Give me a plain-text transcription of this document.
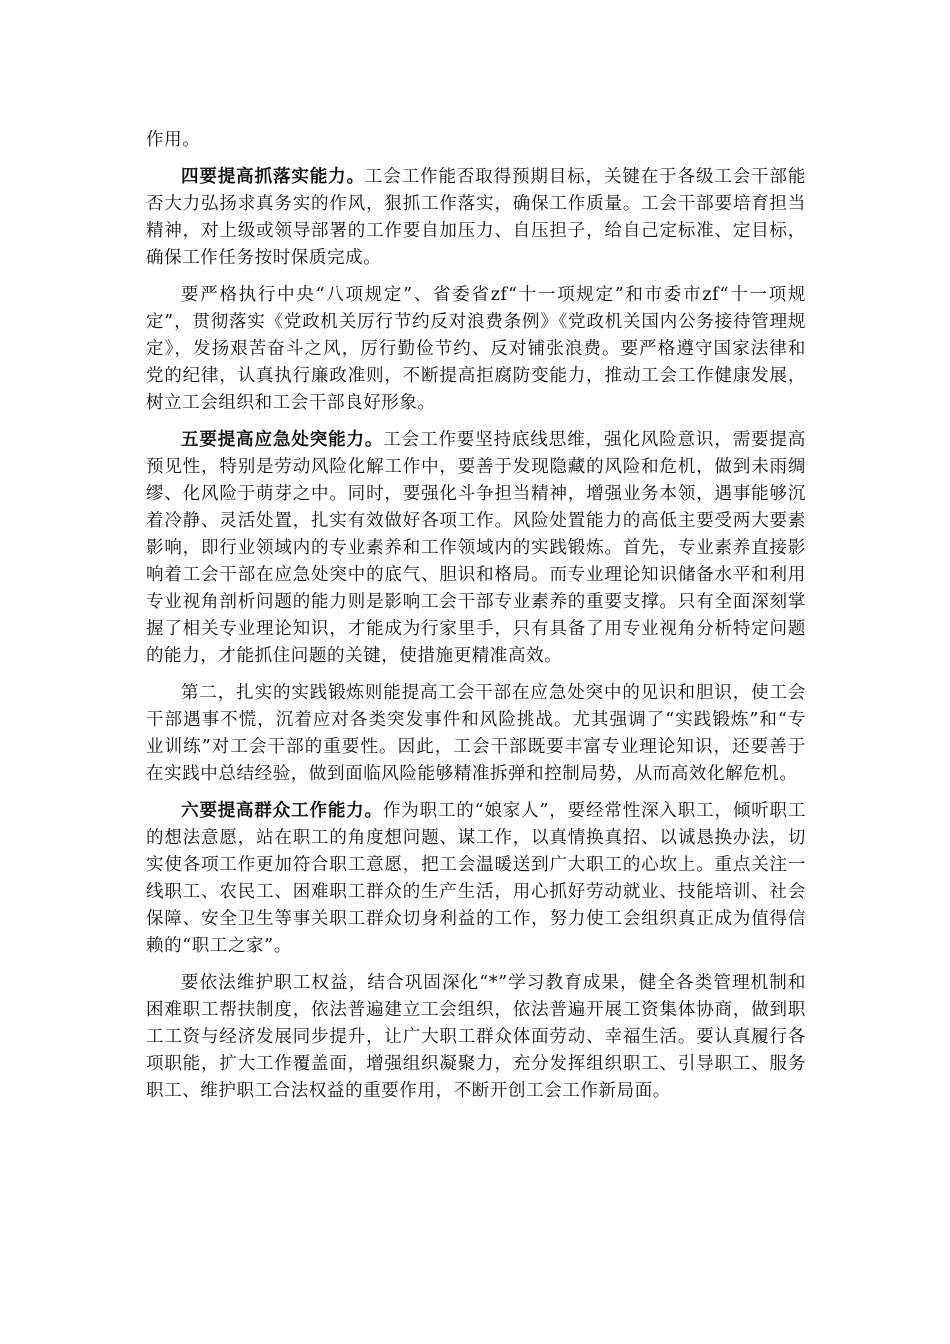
作用。

四要提高抓落实能力。工会工作能否取得预期目标，关键在于各级工会干部能否大力弘扬求真务实的作风，狠抓工作落实，确保工作质量。工会干部要培育担当精神，对上级或领导部署的工作要自加压力、自压担子，给自己定标准、定目标，确保工作任务按时保质完成。

要严格执行中央“八项规定”、省委省zf“十一项规定”和市委市zf“十一项规定”，贯彻落实《党政机关厉行节约反对浪费条例》《党政机关国内公务接待管理规定》，发扬艰苦奋斗之风，厉行勤俭节约、反对铺张浪费。要严格遵守国家法律和党的纪律，认真执行廉政准则，不断提高拒腐防变能力，推动工会工作健康发展，树立工会组织和工会干部良好形象。

五要提高应急处突能力。工会工作要坚持底线思维，强化风险意识，需要提高预见性，特别是劳动风险化解工作中，要善于发现隐藏的风险和危机，做到未雨绸缪、化风险于萌芽之中。同时，要强化斗争担当精神，增强业务本领，遇事能够沉着冷静、灵活处置，扎实有效做好各项工作。风险处置能力的高低主要受两大要素影响，即行业领域内的专业素养和工作领域内的实践锻炼。首先，专业素养直接影响着工会干部在应急处突中的底气、胆识和格局。而专业理论知识储备水平和利用专业视角剖析问题的能力则是影响工会干部专业素养的重要支撑。只有全面深刻掌握了相关专业理论知识，才能成为行家里手，只有具备了用专业视角分析特定问题的能力，才能抓住问题的关键，使措施更精准高效。

第二，扎实的实践锻炼则能提高工会干部在应急处突中的见识和胆识，使工会干部遇事不慌，沉着应对各类突发事件和风险挑战。尤其强调了“实践锻炼”和“专业训练”对工会干部的重要性。因此，工会干部既要丰富专业理论知识，还要善于在实践中总结经验，做到面临风险能够精准拆弹和控制局势，从而高效化解危机。

六要提高群众工作能力。作为职工的“娘家人”，要经常性深入职工，倾听职工的想法意愿，站在职工的角度想问题、谋工作，以真情换真招、以诚恳换办法，切实使各项工作更加符合职工意愿，把工会温暖送到广大职工的心坎上。重点关注一线职工、农民工、困难职工群众的生产生活，用心抓好劳动就业、技能培训、社会保障、安全卫生等事关职工群众切身利益的工作，努力使工会组织真正成为值得信赖的“职工之家”。

要依法维护职工权益，结合巩固深化“*”学习教育成果，健全各类管理机制和困难职工帮扶制度，依法普遍建立工会组织，依法普遍开展工资集体协商，做到职工工资与经济发展同步提升，让广大职工群众体面劳动、幸福生活。要认真履行各项职能，扩大工作覆盖面，增强组织凝聚力，充分发挥组织职工、引导职工、服务职工、维护职工合法权益的重要作用，不断开创工会工作新局面。
